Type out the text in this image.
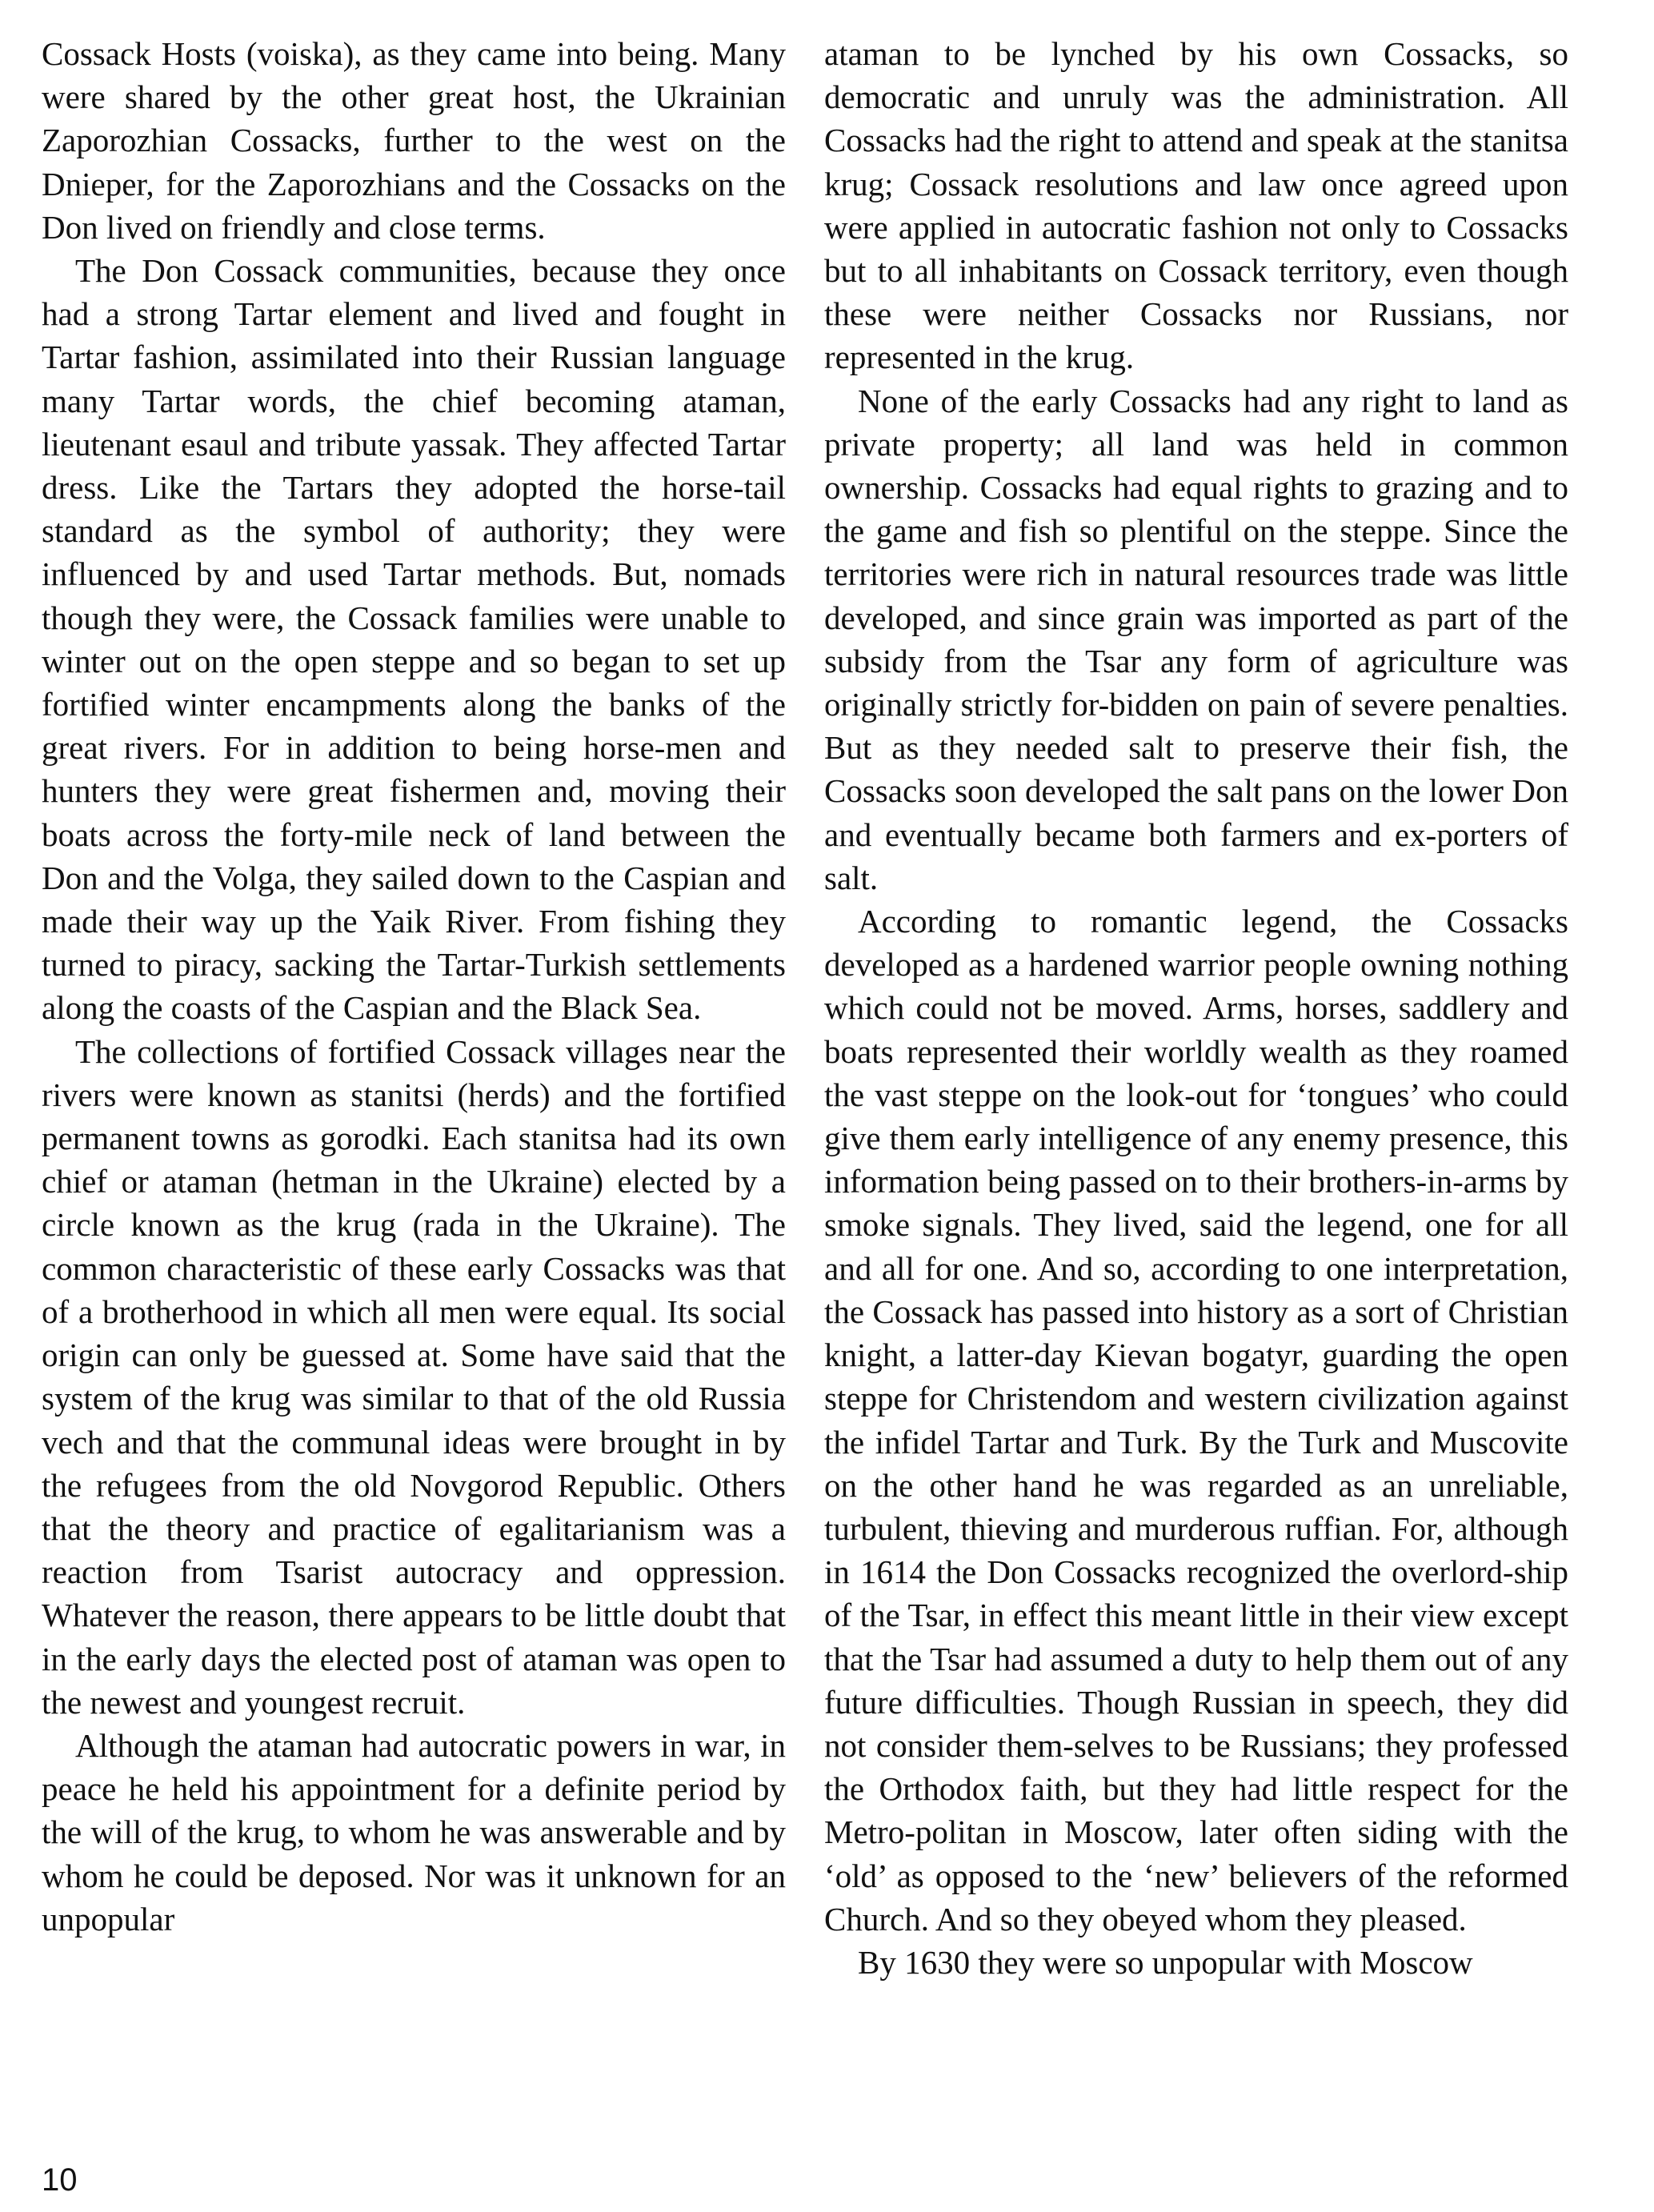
Cossack Hosts (voiska), as they came into being. Many were shared by the other great host, the Ukrainian Zaporozhian Cossacks, further to the west on the Dnieper, for the Zaporozhians and the Cossacks on the Don lived on friendly and close terms.

The Don Cossack communities, because they once had a strong Tartar element and lived and fought in Tartar fashion, assimilated into their Russian language many Tartar words, the chief becoming ataman, lieutenant esaul and tribute yassak. They affected Tartar dress. Like the Tartars they adopted the horse-tail standard as the symbol of authority; they were influenced by and used Tartar methods. But, nomads though they were, the Cossack families were unable to winter out on the open steppe and so began to set up fortified winter encampments along the banks of the great rivers. For in addition to being horse-men and hunters they were great fishermen and, moving their boats across the forty-mile neck of land between the Don and the Volga, they sailed down to the Caspian and made their way up the Yaik River. From fishing they turned to piracy, sacking the Tartar-Turkish settlements along the coasts of the Caspian and the Black Sea.

The collections of fortified Cossack villages near the rivers were known as stanitsi (herds) and the fortified permanent towns as gorodki. Each stanitsa had its own chief or ataman (hetman in the Ukraine) elected by a circle known as the krug (rada in the Ukraine). The common characteristic of these early Cossacks was that of a brotherhood in which all men were equal. Its social origin can only be guessed at. Some have said that the system of the krug was similar to that of the old Russia vech and that the communal ideas were brought in by the refugees from the old Novgorod Republic. Others that the theory and practice of egalitarianism was a reaction from Tsarist autocracy and oppression. Whatever the reason, there appears to be little doubt that in the early days the elected post of ataman was open to the newest and youngest recruit.

Although the ataman had autocratic powers in war, in peace he held his appointment for a definite period by the will of the krug, to whom he was answerable and by whom he could be deposed. Nor was it unknown for an unpopular

ataman to be lynched by his own Cossacks, so democratic and unruly was the administration. All Cossacks had the right to attend and speak at the stanitsa krug; Cossack resolutions and law once agreed upon were applied in autocratic fashion not only to Cossacks but to all inhabitants on Cossack territory, even though these were neither Cossacks nor Russians, nor represented in the krug.

None of the early Cossacks had any right to land as private property; all land was held in common ownership. Cossacks had equal rights to grazing and to the game and fish so plentiful on the steppe. Since the territories were rich in natural resources trade was little developed, and since grain was imported as part of the subsidy from the Tsar any form of agriculture was originally strictly for-bidden on pain of severe penalties. But as they needed salt to preserve their fish, the Cossacks soon developed the salt pans on the lower Don and eventually became both farmers and ex-porters of salt.

According to romantic legend, the Cossacks developed as a hardened warrior people owning nothing which could not be moved. Arms, horses, saddlery and boats represented their worldly wealth as they roamed the vast steppe on the look-out for ‘tongues’ who could give them early intelligence of any enemy presence, this information being passed on to their brothers-in-arms by smoke signals. They lived, said the legend, one for all and all for one. And so, according to one interpretation, the Cossack has passed into history as a sort of Christian knight, a latter-day Kievan bogatyr, guarding the open steppe for Christendom and western civilization against the infidel Tartar and Turk. By the Turk and Muscovite on the other hand he was regarded as an unreliable, turbulent, thieving and murderous ruffian. For, although in 1614 the Don Cossacks recognized the overlord-ship of the Tsar, in effect this meant little in their view except that the Tsar had assumed a duty to help them out of any future difficulties. Though Russian in speech, they did not consider them-selves to be Russians; they professed the Orthodox faith, but they had little respect for the Metro-politan in Moscow, later often siding with the ‘old’ as opposed to the ‘new’ believers of the reformed Church. And so they obeyed whom they pleased.

By 1630 they were so unpopular with Moscow

10
